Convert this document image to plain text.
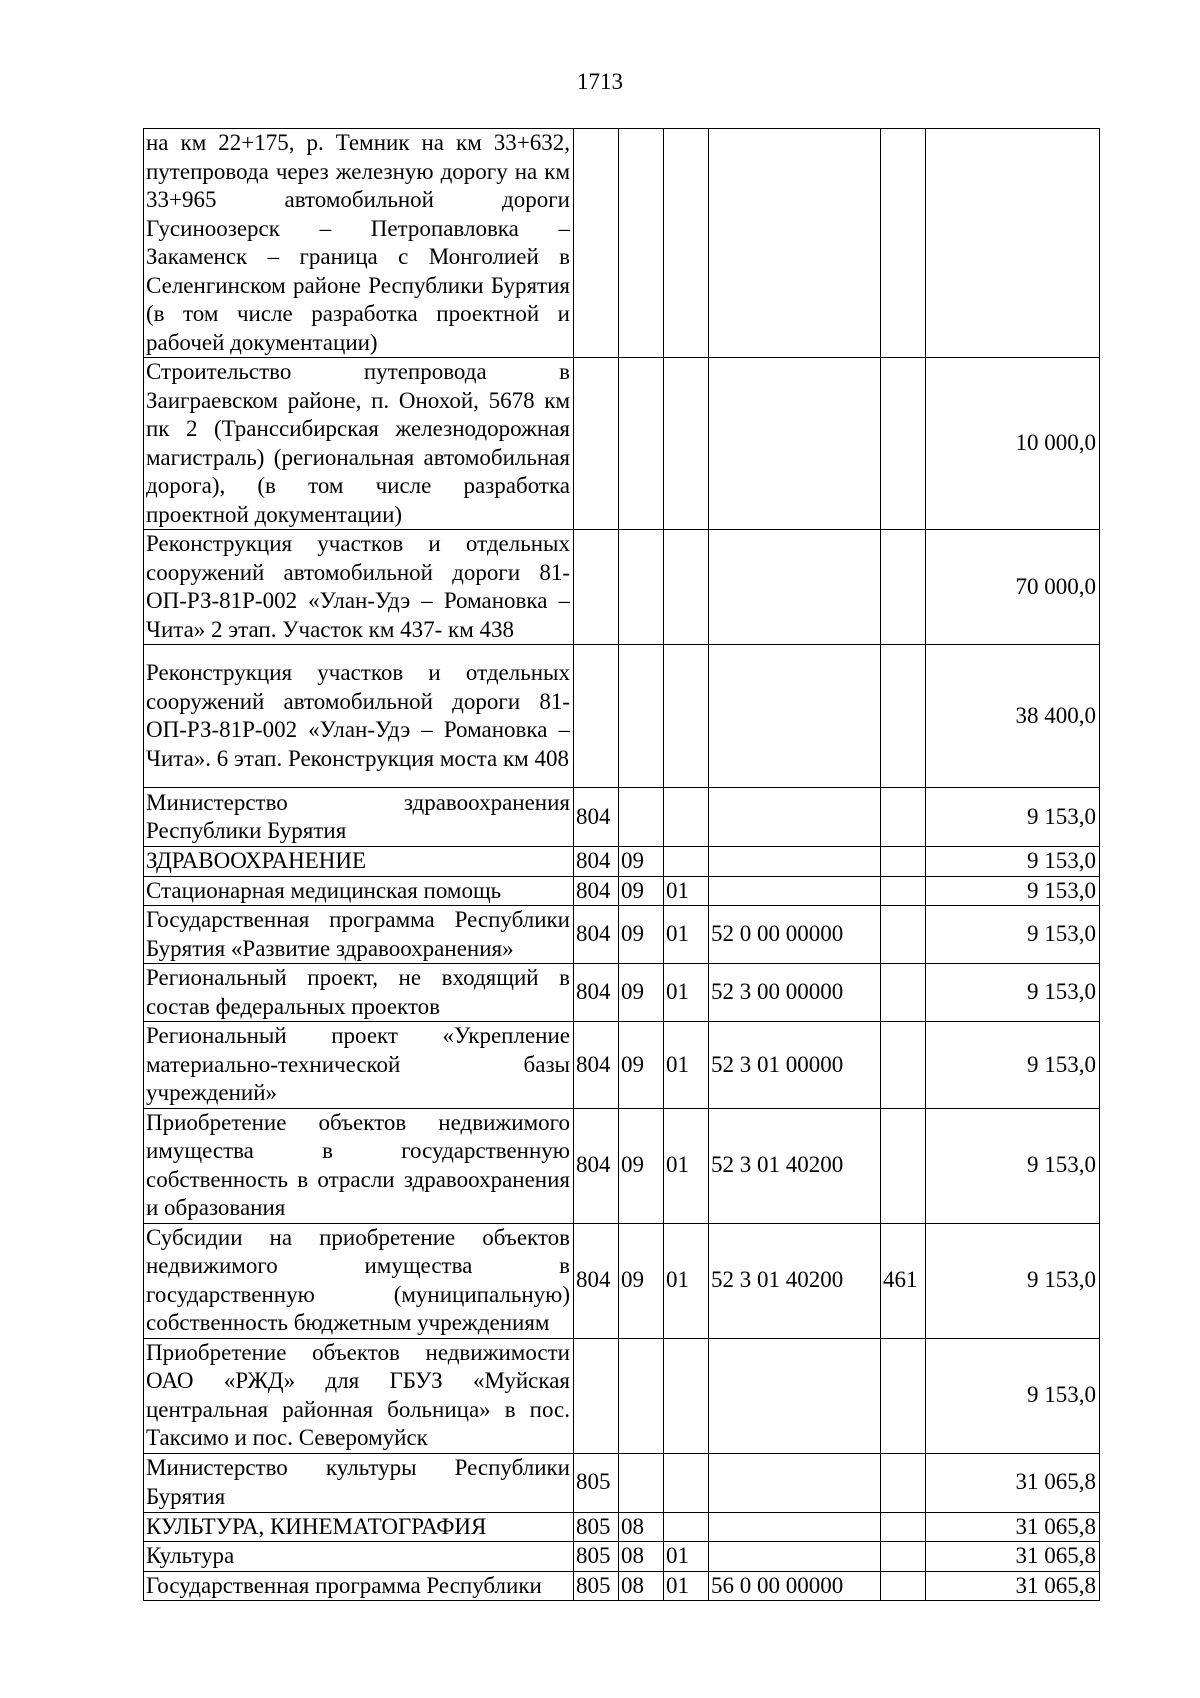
1713
на км 22+175, р. Темник на км 33+632, путепровода через железную дорогу на км 33+965 автомобильной дороги Гусиноозерск – Петропавловка – Закаменск – граница с Монголией в Селенгинском районе Республики Бурятия (в том числе разработка проектной и рабочей документации)						
Строительство путепровода в Заиграевском районе, п. Онохой, 5678 км пк 2 (Транссибирская железнодорожная магистраль) (региональная автомобильная дорога), (в том числе разработка проектной документации)						10 000,0
Реконструкция участков и отдельных сооружений автомобильной дороги 81-ОП-РЗ-81Р-002 «Улан-Удэ – Романовка – Чита» 2 этап. Участок км 437- км 438						70 000,0
Реконструкция участков и отдельных сооружений автомобильной дороги 81-ОП-РЗ-81Р-002 «Улан-Удэ – Романовка – Чита». 6 этап. Реконструкция моста км 408						38 400,0
Министерство здравоохранения Республики Бурятия	804					9 153,0
ЗДРАВООХРАНЕНИЕ	804	09				9 153,0
Стационарная медицинская помощь	804	09	01			9 153,0
Государственная программа Республики Бурятия «Развитие здравоохранения»	804	09	01	52 0 00 00000		9 153,0
Региональный проект, не входящий в состав федеральных проектов	804	09	01	52 3 00 00000		9 153,0
Региональный проект «Укрепление материально-технической базы учреждений»	804	09	01	52 3 01 00000		9 153,0
Приобретение объектов недвижимого имущества в государственную собственность в отрасли здравоохранения и образования	804	09	01	52 3 01 40200		9 153,0
Субсидии на приобретение объектов недвижимого имущества в государственную (муниципальную) собственность бюджетным учреждениям	804	09	01	52 3 01 40200	461	9 153,0
Приобретение объектов недвижимости ОАО «РЖД» для ГБУЗ «Муйская центральная районная больница» в пос. Таксимо и пос. Северомуйск						9 153,0
Министерство культуры Республики Бурятия	805					31 065,8
КУЛЬТУРА, КИНЕМАТОГРАФИЯ	805	08				31 065,8
Культура	805	08	01			31 065,8
Государственная программа Республики	805	08	01	56 0 00 00000		31 065,8
